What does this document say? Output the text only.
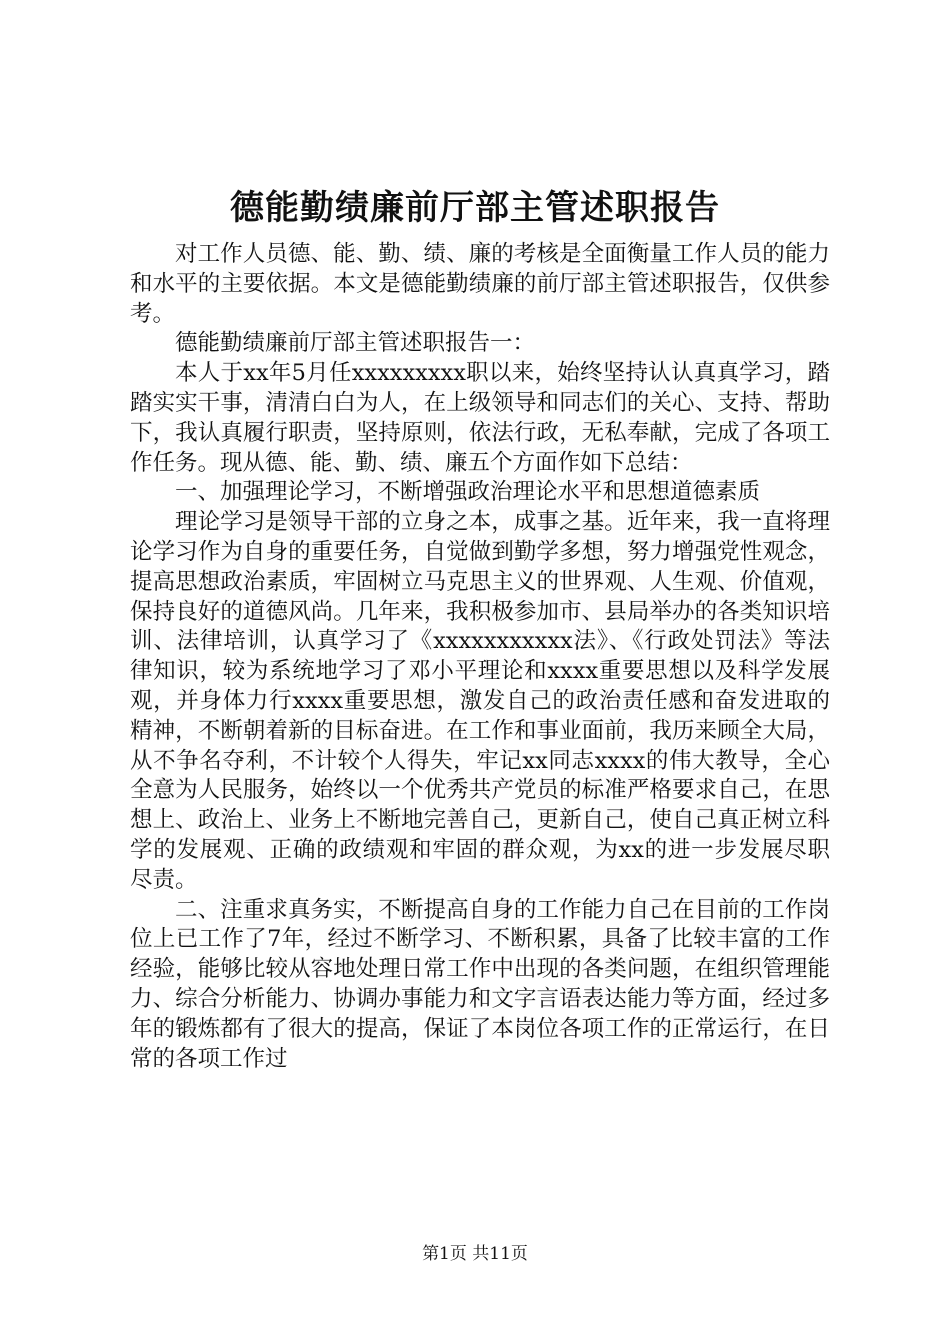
德能勤绩廉前厅部主管述职报告

对工作人员德、能、勤、绩、廉的考核是全面衡量工作人员的能力和水平的主要依据。本文是德能勤绩廉的前厅部主管述职报告，仅供参考。

德能勤绩廉前厅部主管述职报告一：

本人于xx年5月任xxxxxxxxx职以来，始终坚持认认真真学习，踏踏实实干事，清清白白为人，在上级领导和同志们的关心、支持、帮助下，我认真履行职责，坚持原则，依法行政，无私奉献，完成了各项工作任务。现从德、能、勤、绩、廉五个方面作如下总结：

一、加强理论学习，不断增强政治理论水平和思想道德素质

理论学习是领导干部的立身之本，成事之基。近年来，我一直将理论学习作为自身的重要任务，自觉做到勤学多想，努力增强党性观念，提高思想政治素质，牢固树立马克思主义的世界观、人生观、价值观，保持良好的道德风尚。几年来，我积极参加市、县局举办的各类知识培训、法律培训，认真学习了《xxxxxxxxxxx法》、《行政处罚法》等法律知识，较为系统地学习了邓小平理论和xxxx重要思想以及科学发展观，并身体力行xxxx重要思想，激发自己的政治责任感和奋发进取的精神，不断朝着新的目标奋进。在工作和事业面前，我历来顾全大局，从不争名夺利，不计较个人得失，牢记xx同志xxxx的伟大教导，全心全意为人民服务，始终以一个优秀共产党员的标准严格要求自己，在思想上、政治上、业务上不断地完善自己，更新自己，使自己真正树立科学的发展观、正确的政绩观和牢固的群众观，为xx的进一步发展尽职尽责。

二、注重求真务实，不断提高自身的工作能力自己在目前的工作岗位上已工作了7年，经过不断学习、不断积累，具备了比较丰富的工作经验，能够比较从容地处理日常工作中出现的各类问题，在组织管理能力、综合分析能力、协调办事能力和文字言语表达能力等方面，经过多年的锻炼都有了很大的提高，保证了本岗位各项工作的正常运行，在日常的各项工作过

第1页 共11页
